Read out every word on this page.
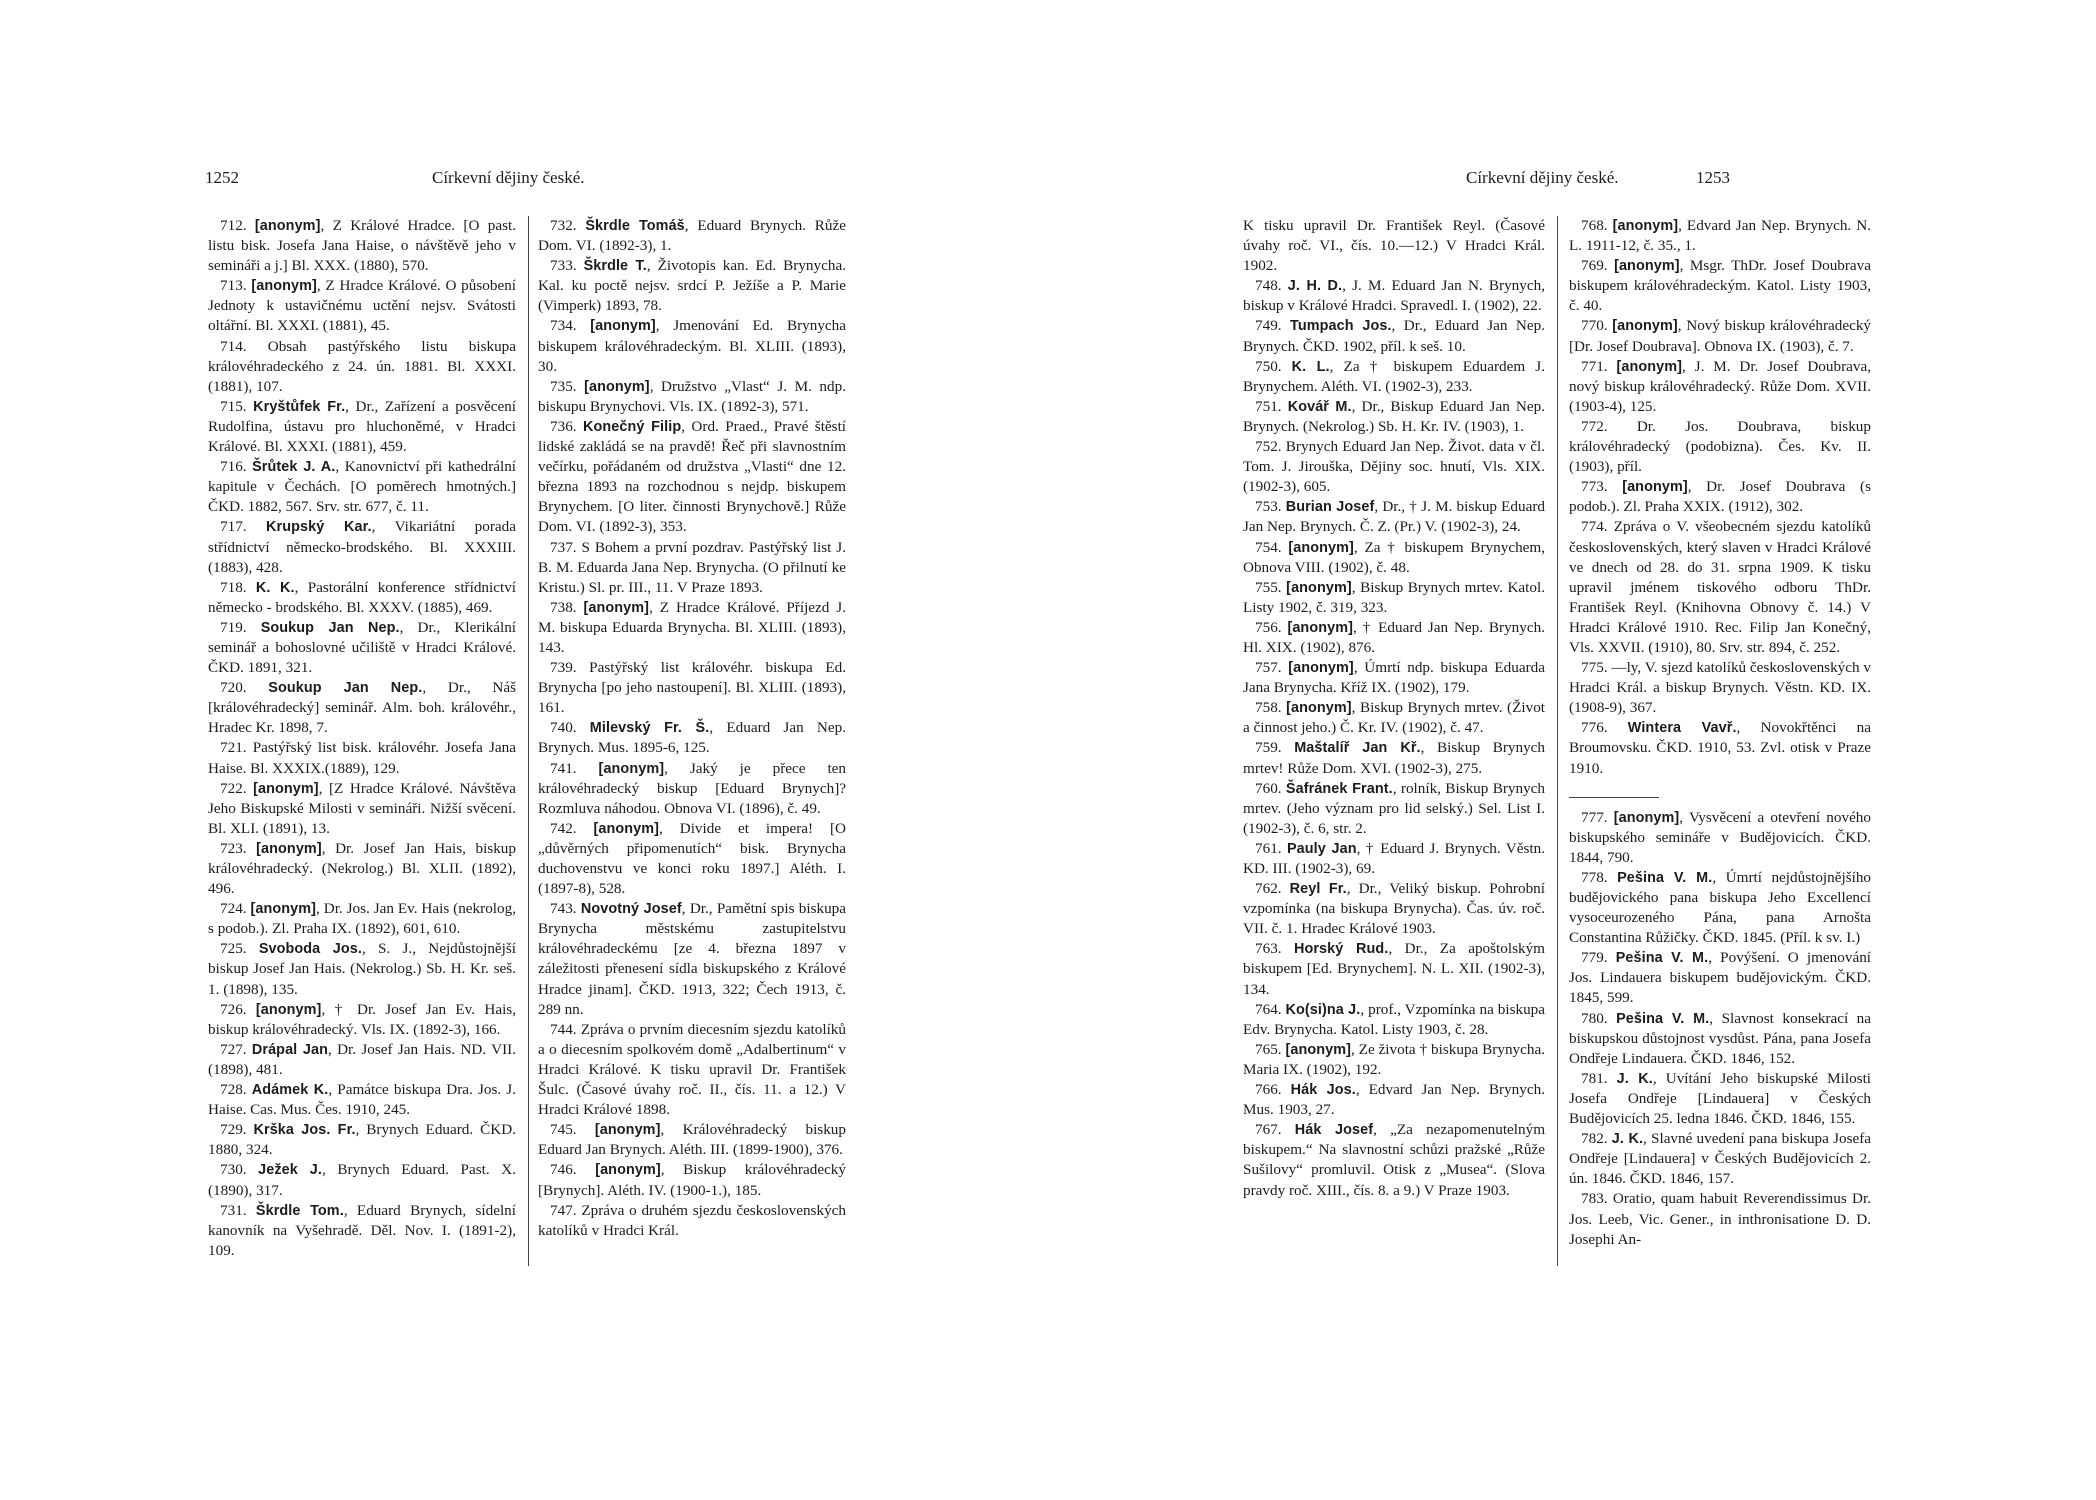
1252	Církevní dějiny české.

712. [anonym], Z Králové Hradce. [O past. listu bisk. Josefa Jana Haise, o návštěvě jeho v semináři a j.] Bl. XXX. (1880), 570.

713. [anonym], Z Hradce Králové. O působení Jednoty k ustavičnému uctění nejsv. Svátosti oltářní. Bl. XXXI. (1881), 45.

714. Obsah pastýřského listu biskupa královéhradeckého z 24. ún. 1881. Bl. XXXI. (1881), 107.

715. Kryštůfek Fr., Dr., Zařízení a posvěcení Rudolfina, ústavu pro hluchoněmé, v Hradci Králové. Bl. XXXI. (1881), 459.

716. Šrůtek J. A., Kanovnictví při kathedrální kapitule v Čechách. [O pomĕrech hmotných.] ČKD. 1882, 567. Srv. str. 677, č. 11.

717. Krupský Kar., Vikariátní porada střídnictví německo-brodského. Bl. XXXIII. (1883), 428.

718. K. K., Pastorální konference střídnictví německo - brodského. Bl. XXXV. (1885), 469.

719. Soukup Jan Nep., Dr., Klerikální seminář a bohoslovné učiliště v Hradci Králové. ČKD. 1891, 321.

720. Soukup Jan Nep., Dr., Náš [královéhradecký] seminář. Alm. boh. královéhr., Hradec Kr. 1898, 7.

721. Pastýřský list bisk. královéhr. Josefa Jana Haise. Bl. XXXIX.(1889), 129.

722. [anonym], [Z Hradce Králové. Návštěva Jeho Biskupské Milosti v semináři. Nižší svěcení. Bl. XLI. (1891), 13.

723. [anonym], Dr. Josef Jan Hais, biskup královéhradecký. (Nekrolog.) Bl. XLII. (1892), 496.

724. [anonym], Dr. Jos. Jan Ev. Hais (nekrolog, s podob.). Zl. Praha IX. (1892), 601, 610.

725. Svoboda Jos., S. J., Nejdůstojnější biskup Josef Jan Hais. (Nekrolog.) Sb. H. Kr. seš. 1. (1898), 135.

726. [anonym], † Dr. Josef Jan Ev. Hais, biskup královéhradecký. Vls. IX. (1892-3), 166.

727. Drápal Jan, Dr. Josef Jan Hais. ND. VII. (1898), 481.

728. Adámek K., Památce biskupa Dra. Jos. J. Haise. Cas. Mus. Čes. 1910, 245.

729. Krška Jos. Fr., Brynych Eduard. ČKD. 1880, 324.

730. Ježek J., Brynych Eduard. Past. X. (1890), 317.

731. Škrdle Tom., Eduard Brynych, sídelní kanovník na Vyšehradě. Děl. Nov. I. (1891-2), 109.

732. Škrdle Tomáš, Eduard Brynych. Růže Dom. VI. (1892-3), 1.

733. Škrdle T., Životopis kan. Ed. Brynycha. Kal. ku poctě nejsv. srdcí P. Ježíše a P. Marie (Vimperk) 1893, 78.

734. [anonym], Jmenování Ed. Brynycha biskupem královéhradeckým. Bl. XLIII. (1893), 30.

735. [anonym], Družstvo „Vlast“ J. M. ndp. biskupu Brynychovi. Vls. IX. (1892-3), 571.

736. Konečný Filip, Ord. Praed., Pravé štěstí lidské zakládá se na pravdě! Řeč při slavnostním večírku, pořádaném od družstva „Vlasti“ dne 12. března 1893 na rozchodnou s nejdp. biskupem Brynychem. [O liter. činnosti Brynychově.] Růže Dom. VI. (1892-3), 353.

737. S Bohem a první pozdrav. Pastýřský list J. B. M. Eduarda Jana Nep. Brynycha. (O přilnutí ke Kristu.) Sl. pr. III., 11. V Praze 1893.

738. [anonym], Z Hradce Králové. Příjezd J. M. biskupa Eduarda Brynycha. Bl. XLIII. (1893), 143.

739. Pastýřský list královéhr. biskupa Ed. Brynycha [po jeho nastoupení]. Bl. XLIII. (1893), 161.

740. Milevský Fr. Š., Eduard Jan Nep. Brynych. Mus. 1895-6, 125.

741. [anonym], Jaký je přece ten královéhradecký biskup [Eduard Brynych]? Rozmluva náhodou. Obnova VI. (1896), č. 49.

742. [anonym], Divide et impera! [O „důvěrných připomenutích“ bisk. Brynycha duchovenstvu ve konci roku 1897.] Aléth. I. (1897-8), 528.

743. Novotný Josef, Dr., Pamětní spis biskupa Brynycha městskému zastupitelstvu královéhradeckému [ze 4. března 1897 v záležitosti přenesení sídla biskupského z Králové Hradce jinam]. ČKD. 1913, 322; Čech 1913, č. 289 nn.

744. Zpráva o prvním diecesním sjezdu katolíků a o diecesním spolkovém domě „Adalbertinum“ v Hradci Králové. K tisku upravil Dr. František Šulc. (Časové úvahy roč. II., čís. 11. a 12.) V Hradci Králové 1898.

745. [anonym], Královéhradecký biskup Eduard Jan Brynych. Aléth. III. (1899-1900), 376.

746. [anonym], Biskup královéhradecký [Brynych]. Aléth. IV. (1900-1.), 185.

747. Zpráva o druhém sjezdu československých katolíků v Hradci Král.

Církevní dějiny české.	1253

K tisku upravil Dr. František Reyl. (Časové úvahy roč. VI., čís. 10.—12.) V Hradci Král. 1902.

748. J. H. D., J. M. Eduard Jan N. Brynych, biskup v Králové Hradci. Spravedl. I. (1902), 22.

749. Tumpach Jos., Dr., Eduard Jan Nep. Brynych. ČKD. 1902, příl. k seš. 10.

750. K. L., Za † biskupem Eduardem J. Brynychem. Aléth. VI. (1902-3), 233.

751. Kovář M., Dr., Biskup Eduard Jan Nep. Brynych. (Nekrolog.) Sb. H. Kr. IV. (1903), 1.

752. Brynych Eduard Jan Nep. Život. data v čl. Tom. J. Jirouška, Dějiny soc. hnutí, Vls. XIX. (1902-3), 605.

753. Burian Josef, Dr., † J. M. biskup Eduard Jan Nep. Brynych. Č. Z. (Pr.) V. (1902-3), 24.

754. [anonym], Za † biskupem Brynychem, Obnova VIII. (1902), č. 48.

755. [anonym], Biskup Brynych mrtev. Katol. Listy 1902, č. 319, 323.

756. [anonym], † Eduard Jan Nep. Brynych. Hl. XIX. (1902), 876.

757. [anonym], Úmrtí ndp. biskupa Eduarda Jana Brynycha. Kříž IX. (1902), 179.

758. [anonym], Biskup Brynych mrtev. (Život a činnost jeho.) Č. Kr. IV. (1902), č. 47.

759. Maštalíř Jan Kř., Biskup Brynych mrtev! Růže Dom. XVI. (1902-3), 275.

760. Šafránek Frant., rolník, Biskup Brynych mrtev. (Jeho význam pro lid selský.) Sel. List I. (1902-3), č. 6, str. 2.

761. Pauly Jan, † Eduard J. Brynych. Věstn. KD. III. (1902-3), 69.

762. Reyl Fr., Dr., Veliký biskup. Pohrobní vzpomínka (na biskupa Brynycha). Čas. úv. roč. VII. č. 1. Hradec Králové 1903.

763. Horský Rud., Dr., Za apoštolským biskupem [Ed. Brynychem]. N. L. XII. (1902-3), 134.

764. Ko(si)na J., prof., Vzpomínka na biskupa Edv. Brynycha. Katol. Listy 1903, č. 28.

765. [anonym], Ze života † biskupa Brynycha. Maria IX. (1902), 192.

766. Hák Jos., Edvard Jan Nep. Brynych. Mus. 1903, 27.

767. Hák Josef, „Za nezapomenutelným biskupem.“ Na slavnostní schůzi pražské „Růže Sušilovy“ promluvil. Otisk z „Musea“. (Slova pravdy roč. XIII., čís. 8. a 9.) V Praze 1903.

768. [anonym], Edvard Jan Nep. Brynych. N. L. 1911-12, č. 35., 1.

769. [anonym], Msgr. ThDr. Josef Doubrava biskupem královéhradeckým. Katol. Listy 1903, č. 40.

770. [anonym], Nový biskup královéhradecký [Dr. Josef Doubrava]. Obnova IX. (1903), č. 7.

771. [anonym], J. M. Dr. Josef Doubrava, nový biskup královéhradecký. Růže Dom. XVII. (1903-4), 125.

772. Dr. Jos. Doubrava, biskup královéhradecký (podobizna). Čes. Kv. II. (1903), příl.

773. [anonym], Dr. Josef Doubrava (s podob.). Zl. Praha XXIX. (1912), 302.

774. Zpráva o V. všeobecném sjezdu katolíků československých, který slaven v Hradci Králové ve dnech od 28. do 31. srpna 1909. K tisku upravil jménem tiskového odboru ThDr. František Reyl. (Knihovna Obnovy č. 14.) V Hradci Králové 1910. Rec. Filip Jan Konečný, Vls. XXVII. (1910), 80. Srv. str. 894, č. 252.

775. —ly, V. sjezd katolíků československých v Hradci Král. a biskup Brynych. Věstn. KD. IX. (1908-9), 367.

776. Wintera Vavř., Novokřtěnci na Broumovsku. ČKD. 1910, 53. Zvl. otisk v Praze 1910.

777. [anonym], Vysvěcení a otevření nového biskupského semináře v Budějovicích. ČKD. 1844, 790.

778. Pešina V. M., Úmrtí nejdůstojnějšího budějovického pana biskupa Jeho Excellencí vysoceurozeného Pána, pana Arnošta Constantina Růžičky. ČKD. 1845. (Příl. k sv. I.)

779. Pešina V. M., Povýšení. O jmenování Jos. Lindauera biskupem budějovickým. ČKD. 1845, 599.

780. Pešina V. M., Slavnost konsekrací na biskupskou důstojnost vysdůst. Pána, pana Josefa Ondřeje Lindauera. ČKD. 1846, 152.

781. J. K., Uvítání Jeho biskupské Milosti Josefa Ondřeje [Lindauera] v Českých Budějovicích 25. ledna 1846. ČKD. 1846, 155.

782. J. K., Slavné uvedení pana biskupa Josefa Ondřeje [Lindauera] v Českých Budějovicích 2. ún. 1846. ČKD. 1846, 157.

783. Oratio, quam habuit Reverendissimus Dr. Jos. Leeb, Vic. Gener., in inthronisatione D. D. Josephi An-
